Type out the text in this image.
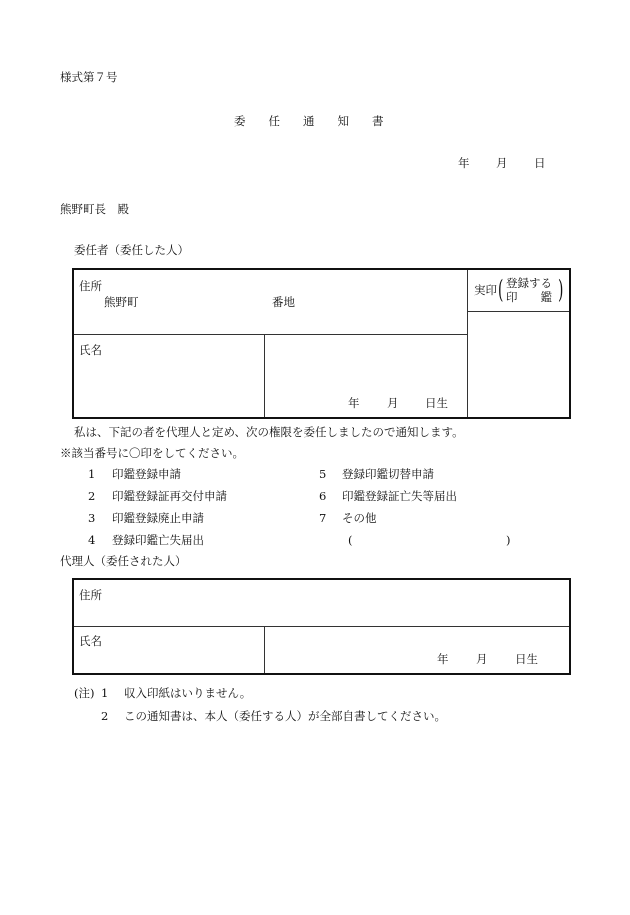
様式第７号
委　　任　　通　　知　　書
年 月 日
熊野町長　殿
委任者（委任した人）
住所
熊野町	番地
実印 ( 登録する
印　　鑑 )
氏名
年 月 日生
私は、下記の者を代理人と定め、次の権限を委任しましたので通知します。
※該当番号に〇印をしてください。
1 印鑑登録申請
2 印鑑登録証再交付申請
3 印鑑登録廃止申請
4 登録印鑑亡失届出
5 登録印鑑切替申請
6 印鑑登録証亡失等届出
7 その他
(	)
代理人（委任された人）
住所
氏名
年 月 日生
(注) 1 収入印紙はいりません。
2 この通知書は、本人（委任する人）が全部自書してください。
